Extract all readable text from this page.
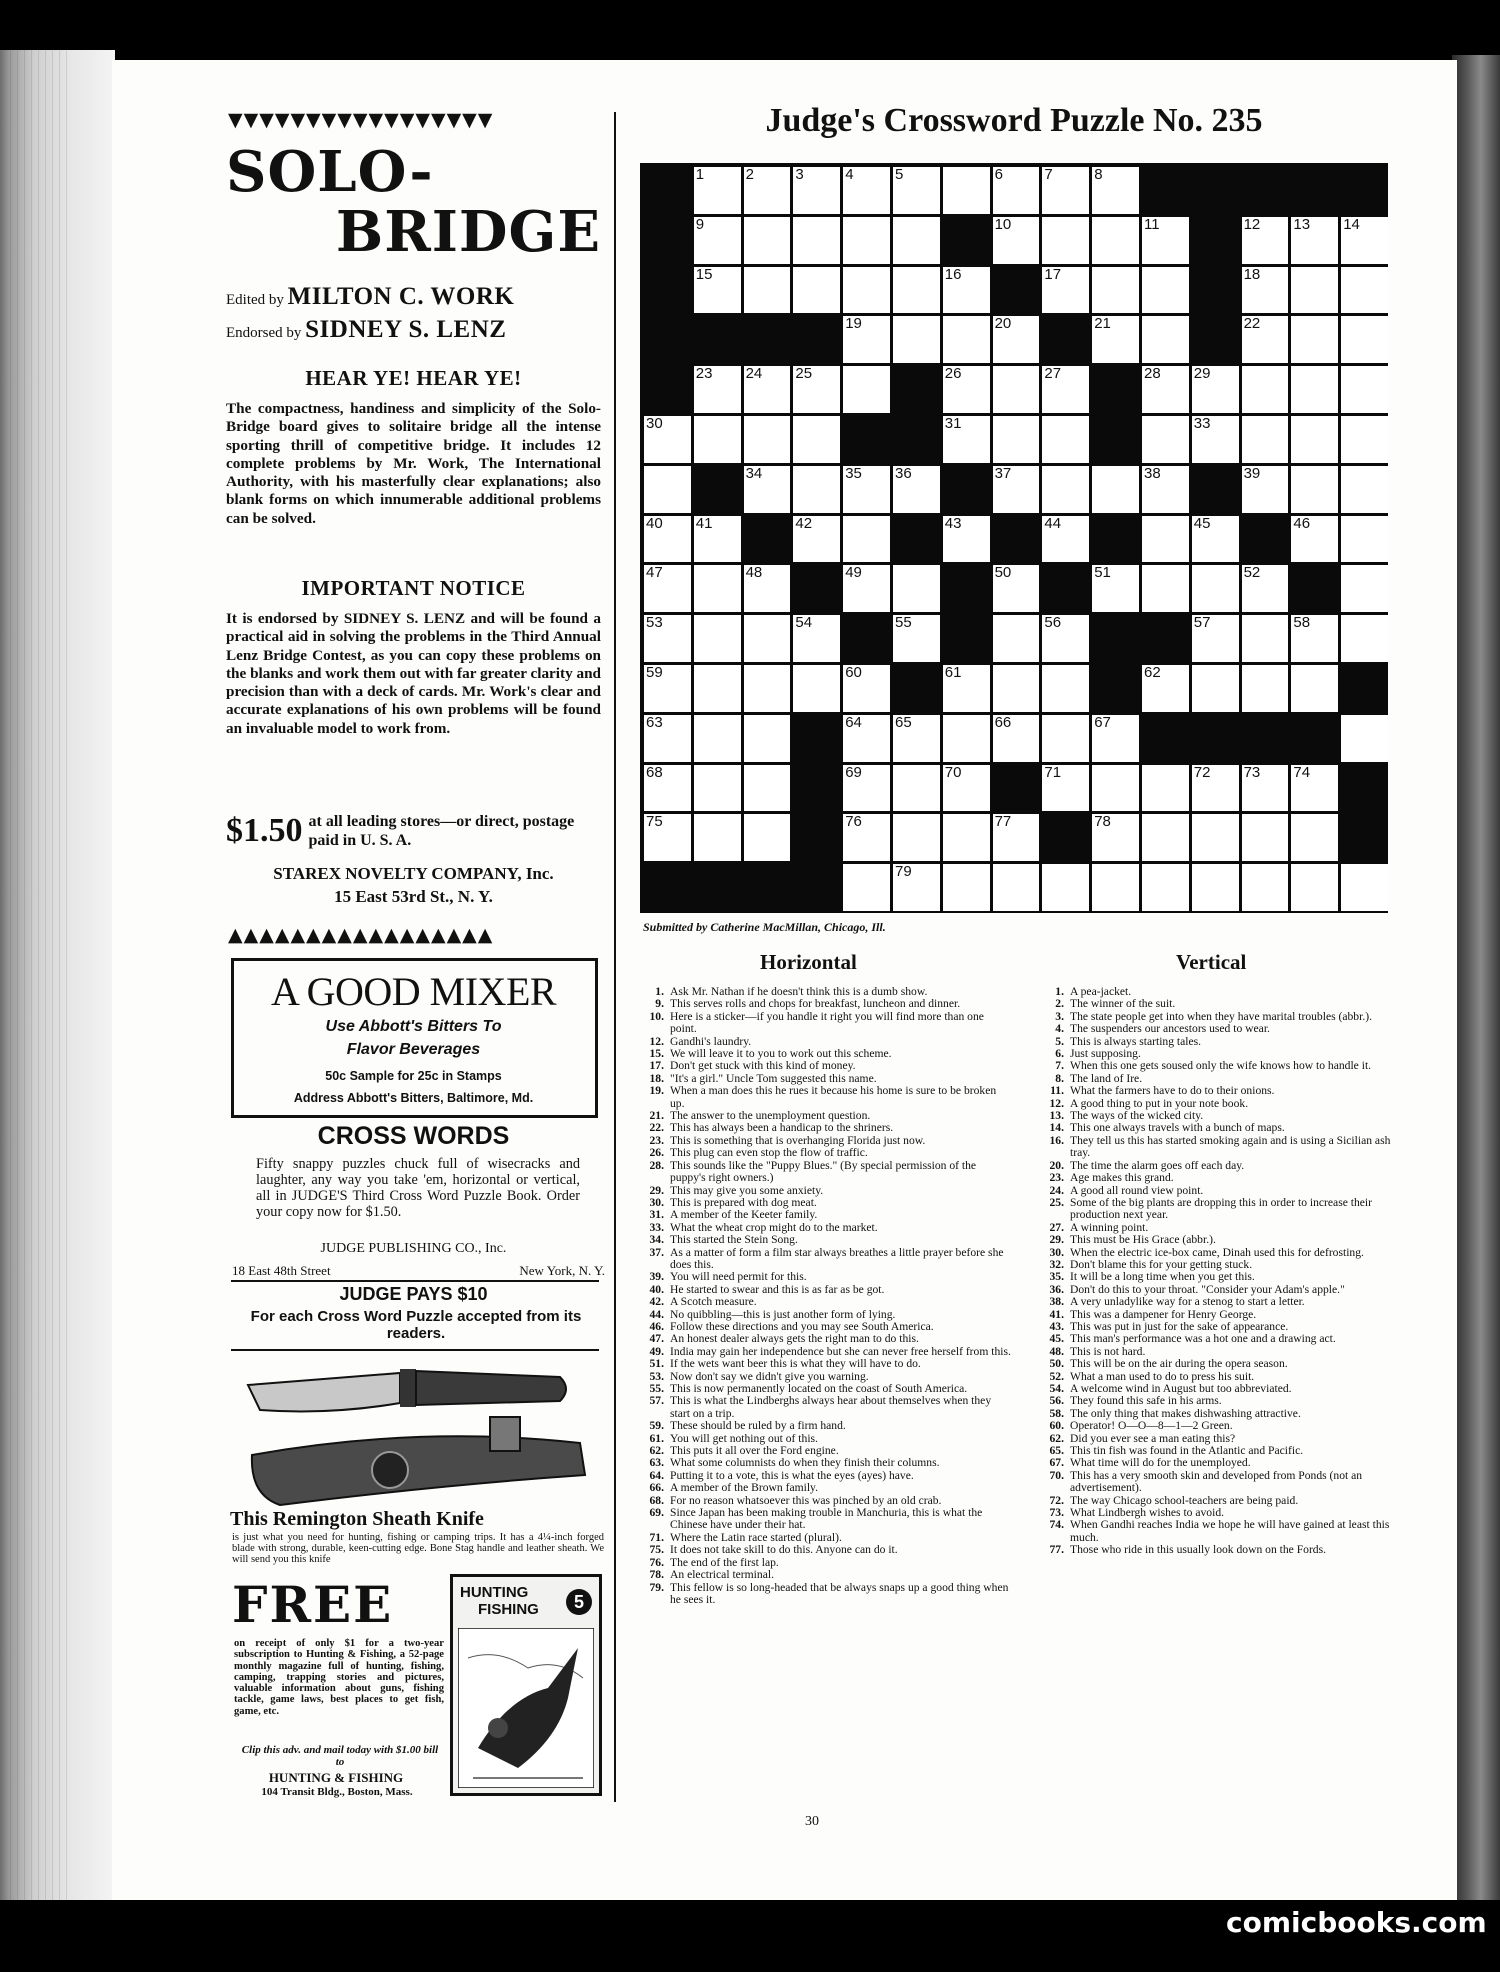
▼▼▼▼▼▼▼▼▼▼▼▼▼▼▼▼▼
SOLO-
BRIDGE
Edited by MILTON C. WORK
Endorsed by SIDNEY S. LENZ
HEAR YE! HEAR YE!
The compactness, handiness and simplicity of the Solo-Bridge board gives to solitaire bridge all the intense sporting thrill of competitive bridge. It includes 12 complete problems by Mr. Work, The International Authority, with his masterfully clear explanations; also blank forms on which innumerable additional problems can be solved.
IMPORTANT NOTICE
It is endorsed by SIDNEY S. LENZ and will be found a practical aid in solving the problems in the Third Annual Lenz Bridge Contest, as you can copy these problems on the blanks and work them out with far greater clarity and precision than with a deck of cards. Mr. Work's clear and accurate explanations of his own problems will be found an invaluable model to work from.
$1.50 at all leading stores—or direct, postage paid in U. S. A.
STAREX NOVELTY COMPANY, Inc.
15 East 53rd St., N. Y.
▲▲▲▲▲▲▲▲▲▲▲▲▲▲▲▲▲
A GOOD MIXER
Use Abbott's Bitters To
Flavor Beverages
50c Sample for 25c in Stamps
Address Abbott's Bitters, Baltimore, Md.
CROSS WORDS
Fifty snappy puzzles chuck full of wisecracks and laughter, any way you take 'em, horizontal or vertical, all in JUDGE'S Third Cross Word Puzzle Book. Order your copy now for $1.50.
JUDGE PUBLISHING CO., Inc.
18 East 48th Street	New York, N. Y.
JUDGE PAYS $10
For each Cross Word Puzzle accepted from its readers.
This Remington Sheath Knife
is just what you need for hunting, fishing or camping trips. It has a 4¼-inch forged blade with strong, durable, keen-cutting edge. Bone Stag handle and leather sheath. We will send you this knife
FREE
on receipt of only $1 for a two-year subscription to Hunting & Fishing, a 52-page monthly magazine full of hunting, fishing, camping, trapping stories and pictures, valuable information about guns, fishing tackle, game laws, best places to get fish, game, etc.
Clip this adv. and mail today with $1.00 bill to
HUNTING & FISHING
104 Transit Bldg., Boston, Mass.
HUNTING
FISHING	5
Judge's Crossword Puzzle No. 235
1	2	3	4	5	6	7	8
9	10	11	12 13 14
15	16	17	18
19	20	21	22
23 24 25	26	27	28 29
30	31	33
34	35 36	37	38	39
40 41	42	43	44	45	46
47	48	49	50	51	52
53	54	55	56	57	58
59	60	61	62
63	64 65	66	67
68	69	70	71	72 73 74
75	76	77	78
79
Submitted by Catherine MacMillan, Chicago, Ill.
Horizontal	Vertical
1. Ask Mr. Nathan if he doesn't think this is a dumb show.
9. This serves rolls and chops for breakfast, luncheon and dinner.
10. Here is a sticker—if you handle it right you will find more than one point.
12. Gandhi's laundry.
15. We will leave it to you to work out this scheme.
17. Don't get stuck with this kind of money.
18. "It's a girl." Uncle Tom suggested this name.
19. When a man does this he rues it because his home is sure to be broken up.
21. The answer to the unemployment question.
22. This has always been a handicap to the shriners.
23. This is something that is overhanging Florida just now.
26. This plug can even stop the flow of traffic.
28. This sounds like the "Puppy Blues." (By special permission of the puppy's right owners.)
29. This may give you some anxiety.
30. This is prepared with dog meat.
31. A member of the Keeter family.
33. What the wheat crop might do to the market.
34. This started the Stein Song.
37. As a matter of form a film star always breathes a little prayer before she does this.
39. You will need permit for this.
40. He started to swear and this is as far as be got.
42. A Scotch measure.
44. No quibbling—this is just another form of lying.
46. Follow these directions and you may see South America.
47. An honest dealer always gets the right man to do this.
49. India may gain her independence but she can never free herself from this.
51. If the wets want beer this is what they will have to do.
53. Now don't say we didn't give you warning.
55. This is now permanently located on the coast of South America.
57. This is what the Lindberghs always hear about themselves when they start on a trip.
59. These should be ruled by a firm hand.
61. You will get nothing out of this.
62. This puts it all over the Ford engine.
63. What some columnists do when they finish their columns.
64. Putting it to a vote, this is what the eyes (ayes) have.
66. A member of the Brown family.
68. For no reason whatsoever this was pinched by an old crab.
69. Since Japan has been making trouble in Manchuria, this is what the Chinese have under their hat.
71. Where the Latin race started (plural).
75. It does not take skill to do this. Anyone can do it.
76. The end of the first lap.
78. An electrical terminal.
79. This fellow is so long-headed that be always snaps up a good thing when he sees it.
1. A pea-jacket.
2. The winner of the suit.
3. The state people get into when they have marital troubles (abbr.).
4. The suspenders our ancestors used to wear.
5. This is always starting tales.
6. Just supposing.
7. When this one gets soused only the wife knows how to handle it.
8. The land of Ire.
11. What the farmers have to do to their onions.
12. A good thing to put in your note book.
13. The ways of the wicked city.
14. This one always travels with a bunch of maps.
16. They tell us this has started smoking again and is using a Sicilian ash tray.
20. The time the alarm goes off each day.
23. Age makes this grand.
24. A good all round view point.
25. Some of the big plants are dropping this in order to increase their production next year.
27. A winning point.
29. This must be His Grace (abbr.).
30. When the electric ice-box came, Dinah used this for defrosting.
32. Don't blame this for your getting stuck.
35. It will be a long time when you get this.
36. Don't do this to your throat. "Consider your Adam's apple."
38. A very unladylike way for a stenog to start a letter.
41. This was a dampener for Henry George.
43. This was put in just for the sake of appearance.
45. This man's performance was a hot one and a drawing act.
48. This is not hard.
50. This will be on the air during the opera season.
52. What a man used to do to press his suit.
54. A welcome wind in August but too abbreviated.
56. They found this safe in his arms.
58. The only thing that makes dishwashing attractive.
60. Operator! O—O—8—1—2 Green.
62. Did you ever see a man eating this?
65. This tin fish was found in the Atlantic and Pacific.
67. What time will do for the unemployed.
70. This has a very smooth skin and developed from Ponds (not an advertisement).
72. The way Chicago school-teachers are being paid.
73. What Lindbergh wishes to avoid.
74. When Gandhi reaches India we hope he will have gained at least this much.
77. Those who ride in this usually look down on the Fords.
30
comicbooks.com
